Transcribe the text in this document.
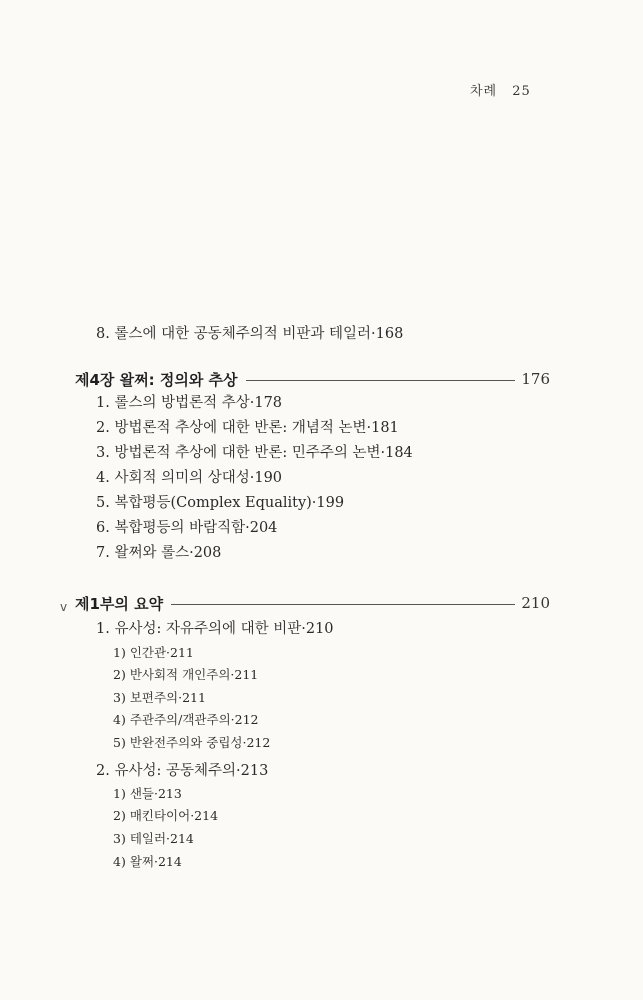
차례 25
8. 롤스에 대한 공동체주의적 비판과 테일러·168
제4장 왈쩌: 정의와 추상	176
1. 롤스의 방법론적 추상·178
2. 방법론적 추상에 대한 반론: 개념적 논변·181
3. 방법론적 추상에 대한 반론: 민주주의 논변·184
4. 사회적 의미의 상대성·190
5. 복합평등(Complex Equality)·199
6. 복합평등의 바람직함·204
7. 왈쩌와 롤스·208
v 제1부의 요약	210
1. 유사성: 자유주의에 대한 비판·210
1) 인간관·211
2) 반사회적 개인주의·211
3) 보편주의·211
4) 주관주의/객관주의·212
5) 반완전주의와 중립성·212
2. 유사성: 공동체주의·213
1) 샌들·213
2) 매킨타이어·214
3) 테일러·214
4) 왈쩌·214
